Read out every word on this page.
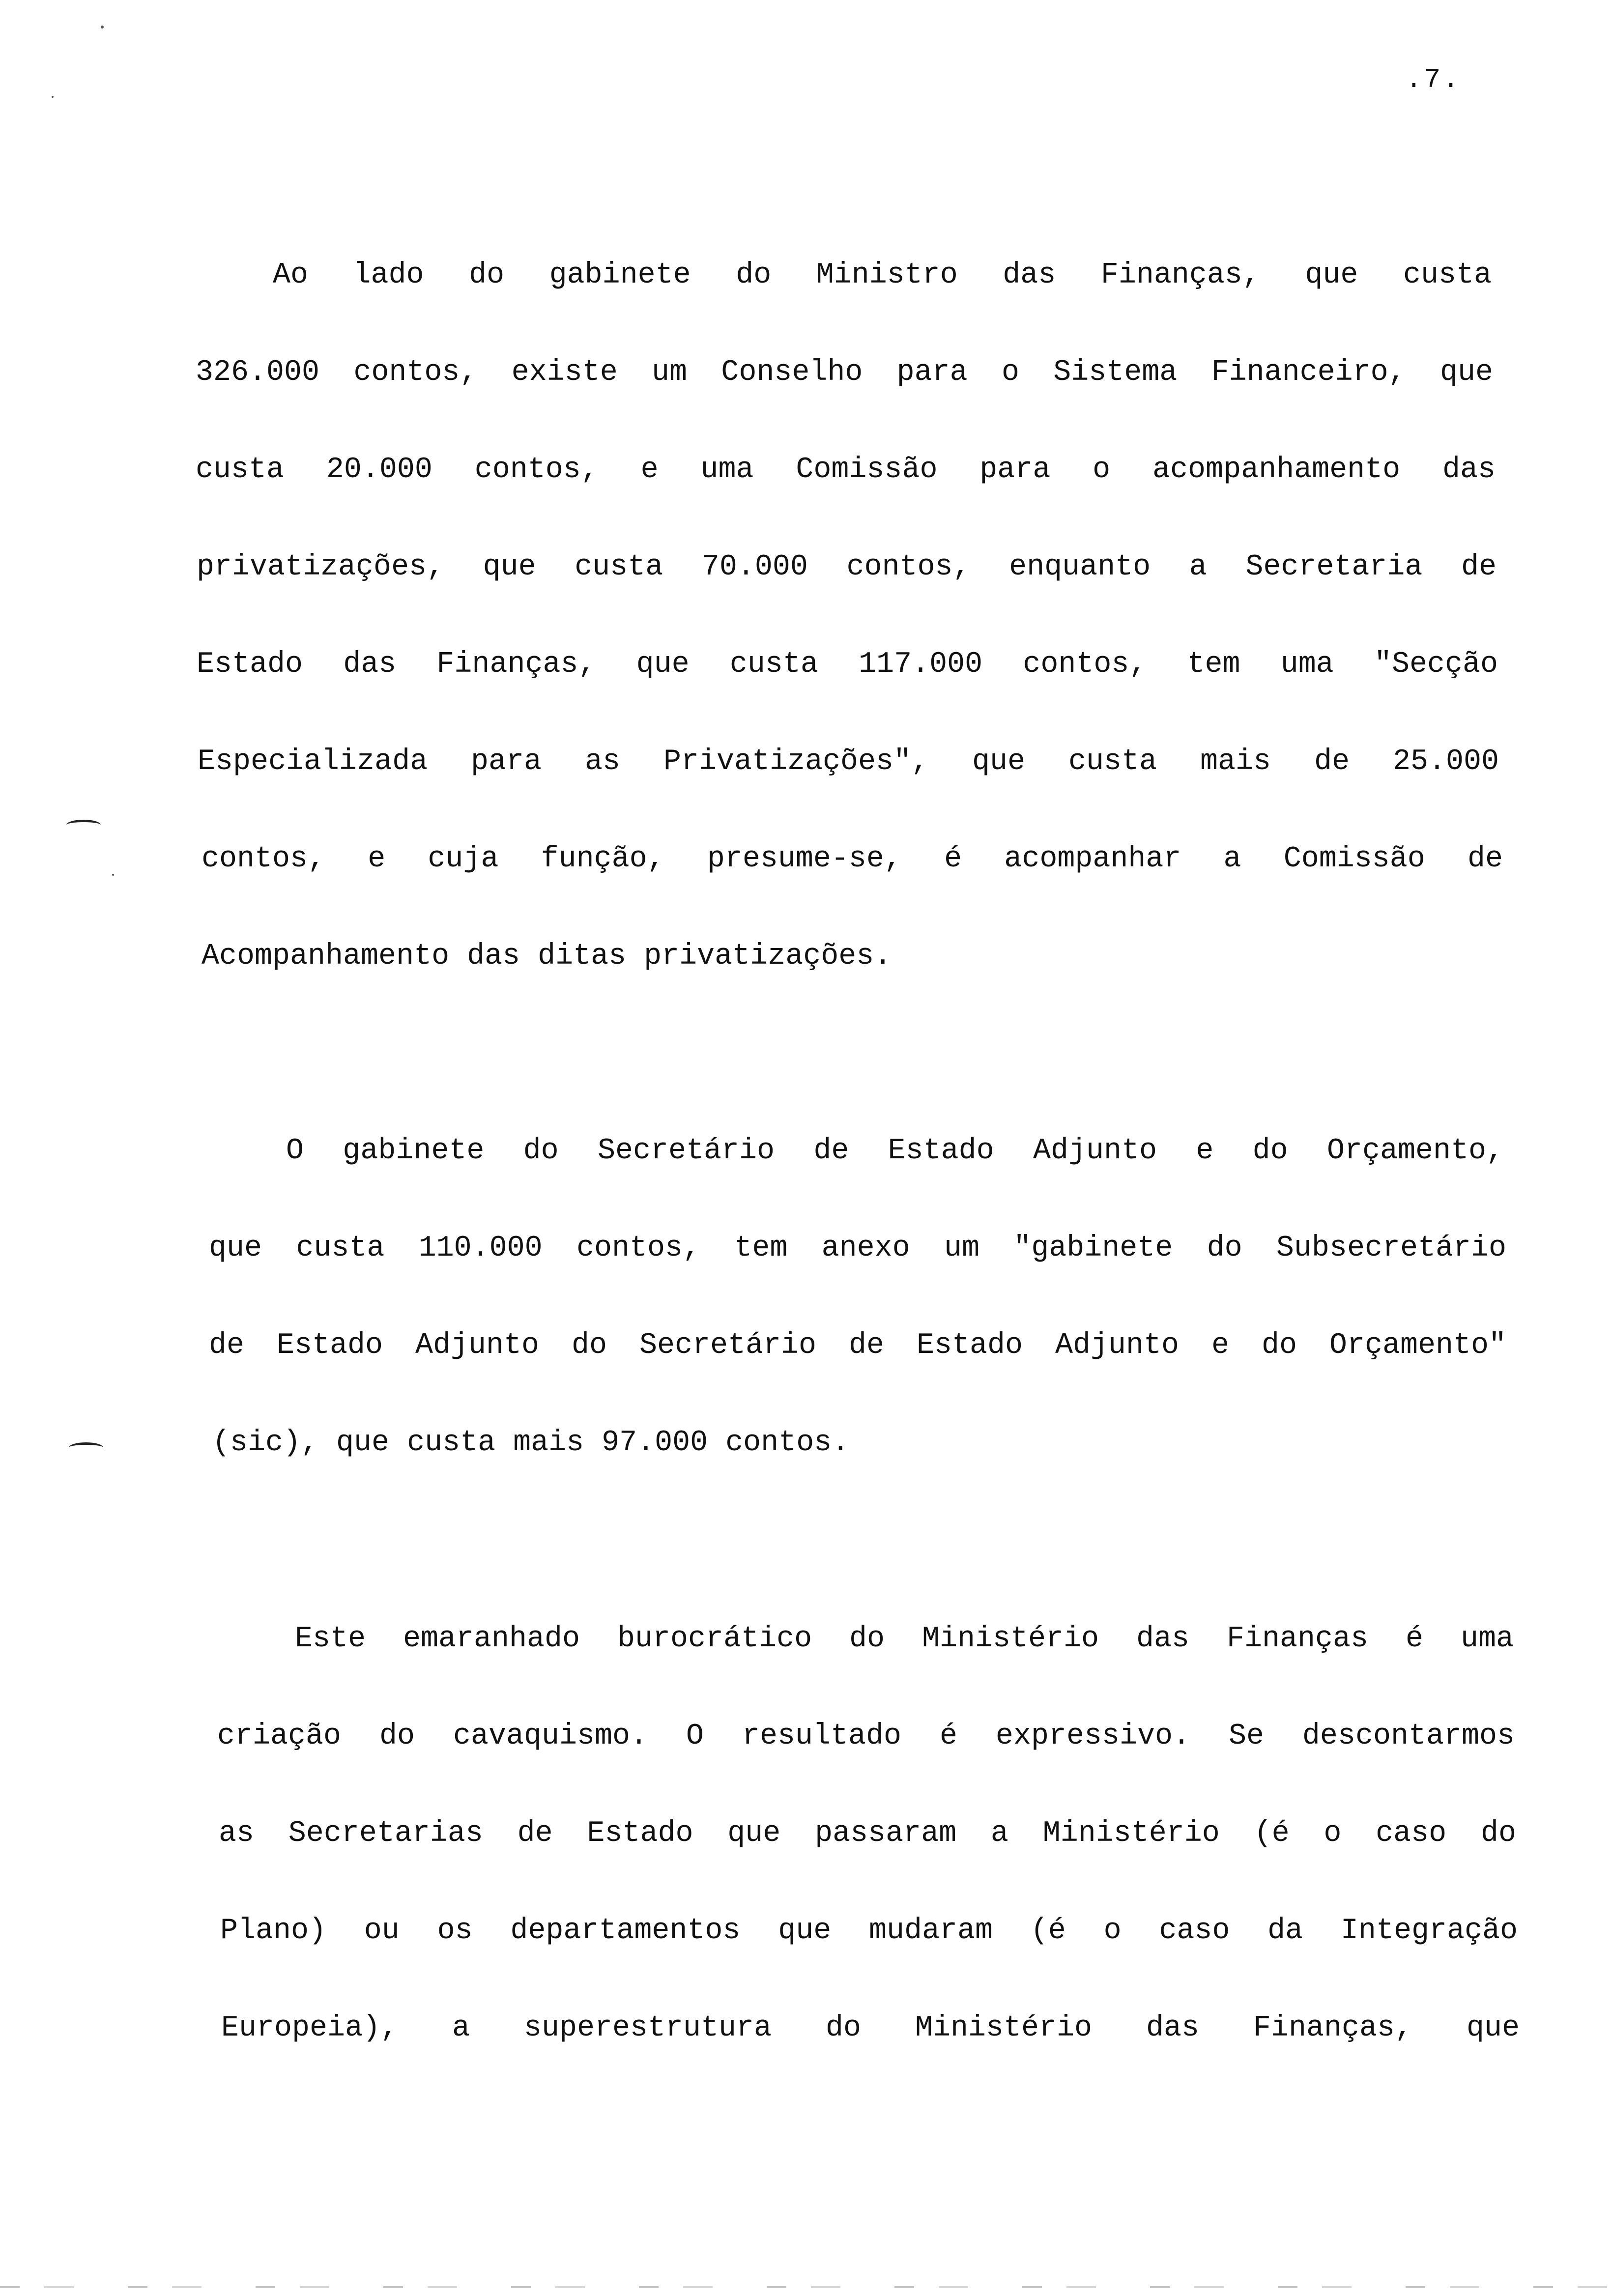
.7.
Ao lado do gabinete do Ministro das Finanças, que custa
326.000 contos, existe um Conselho para o Sistema Financeiro, que
custa 20.000 contos, e uma Comissão para o acompanhamento das
privatizações, que custa 70.000 contos, enquanto a Secretaria de
Estado das Finanças, que custa 117.000 contos, tem uma "Secção
Especializada para as Privatizações", que custa mais de 25.000
contos, e cuja função, presume-se, é acompanhar a Comissão de
Acompanhamento das ditas privatizações.
O gabinete do Secretário de Estado Adjunto e do Orçamento,
que custa 110.000 contos, tem anexo um "gabinete do Subsecretário
de Estado Adjunto do Secretário de Estado Adjunto e do Orçamento"
(sic), que custa mais 97.000 contos.
Este emaranhado burocrático do Ministério das Finanças é uma
criação do cavaquismo. O resultado é expressivo. Se descontarmos
as Secretarias de Estado que passaram a Ministério (é o caso do
Plano) ou os departamentos que mudaram (é o caso da Integração
Europeia), a superestrutura do Ministério das Finanças, que
